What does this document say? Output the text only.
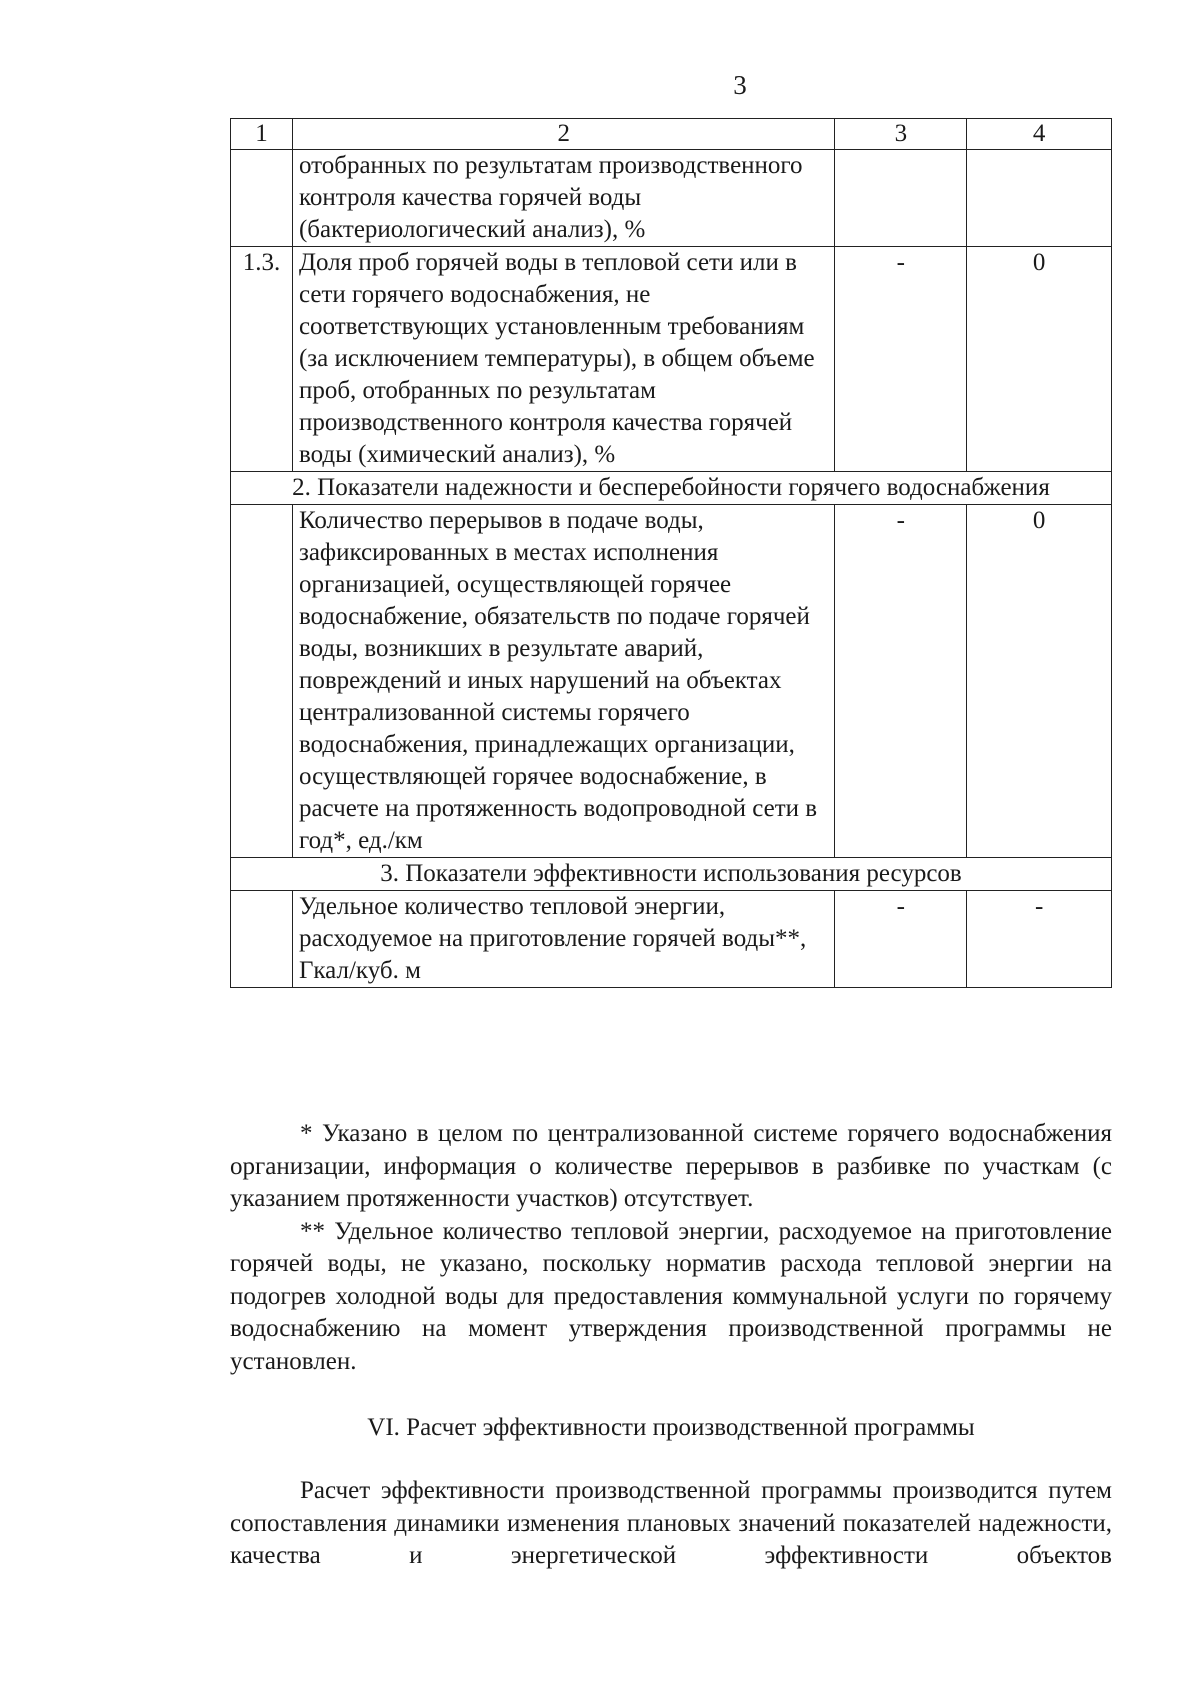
3
1	2	3	4
	отобранных по результатам производственного контроля качества горячей воды (бактериологический анализ), %		
1.3.	Доля проб горячей воды в тепловой сети или в сети горячего водоснабжения, не соответствующих установленным требованиям (за исключением температуры), в общем объеме проб, отобранных по результатам производственного контроля качества горячей воды (химический анализ), %	-	0
2. Показатели надежности и бесперебойности горячего водоснабжения			
	Количество перерывов в подаче воды, зафиксированных в местах исполнения организацией, осуществляющей горячее водоснабжение, обязательств по подаче горячей воды, возникших в результате аварий, повреждений и иных нарушений на объектах централизованной системы горячего водоснабжения, принадлежащих организации, осуществляющей горячее водоснабжение, в расчете на протяженность водопроводной сети в год*, ед./км	-	0
3. Показатели эффективности использования ресурсов			
	Удельное количество тепловой энергии, расходуемое на приготовление горячей воды**, Гкал/куб. м	-	-

* Указано в целом по централизованной системе горячего водоснабжения организации, информация о количестве перерывов в разбивке по участкам (с указанием протяженности участков) отсутствует.

** Удельное количество тепловой энергии, расходуемое на приготовление горячей воды, не указано, поскольку норматив расхода тепловой энергии на подогрев холодной воды для предоставления коммунальной услуги по горячему водоснабжению на момент утверждения производственной программы не установлен.

VI. Расчет эффективности производственной программы

Расчет эффективности производственной программы производится путем сопоставления динамики изменения плановых значений показателей надежности, качества и энергетической эффективности объектов
